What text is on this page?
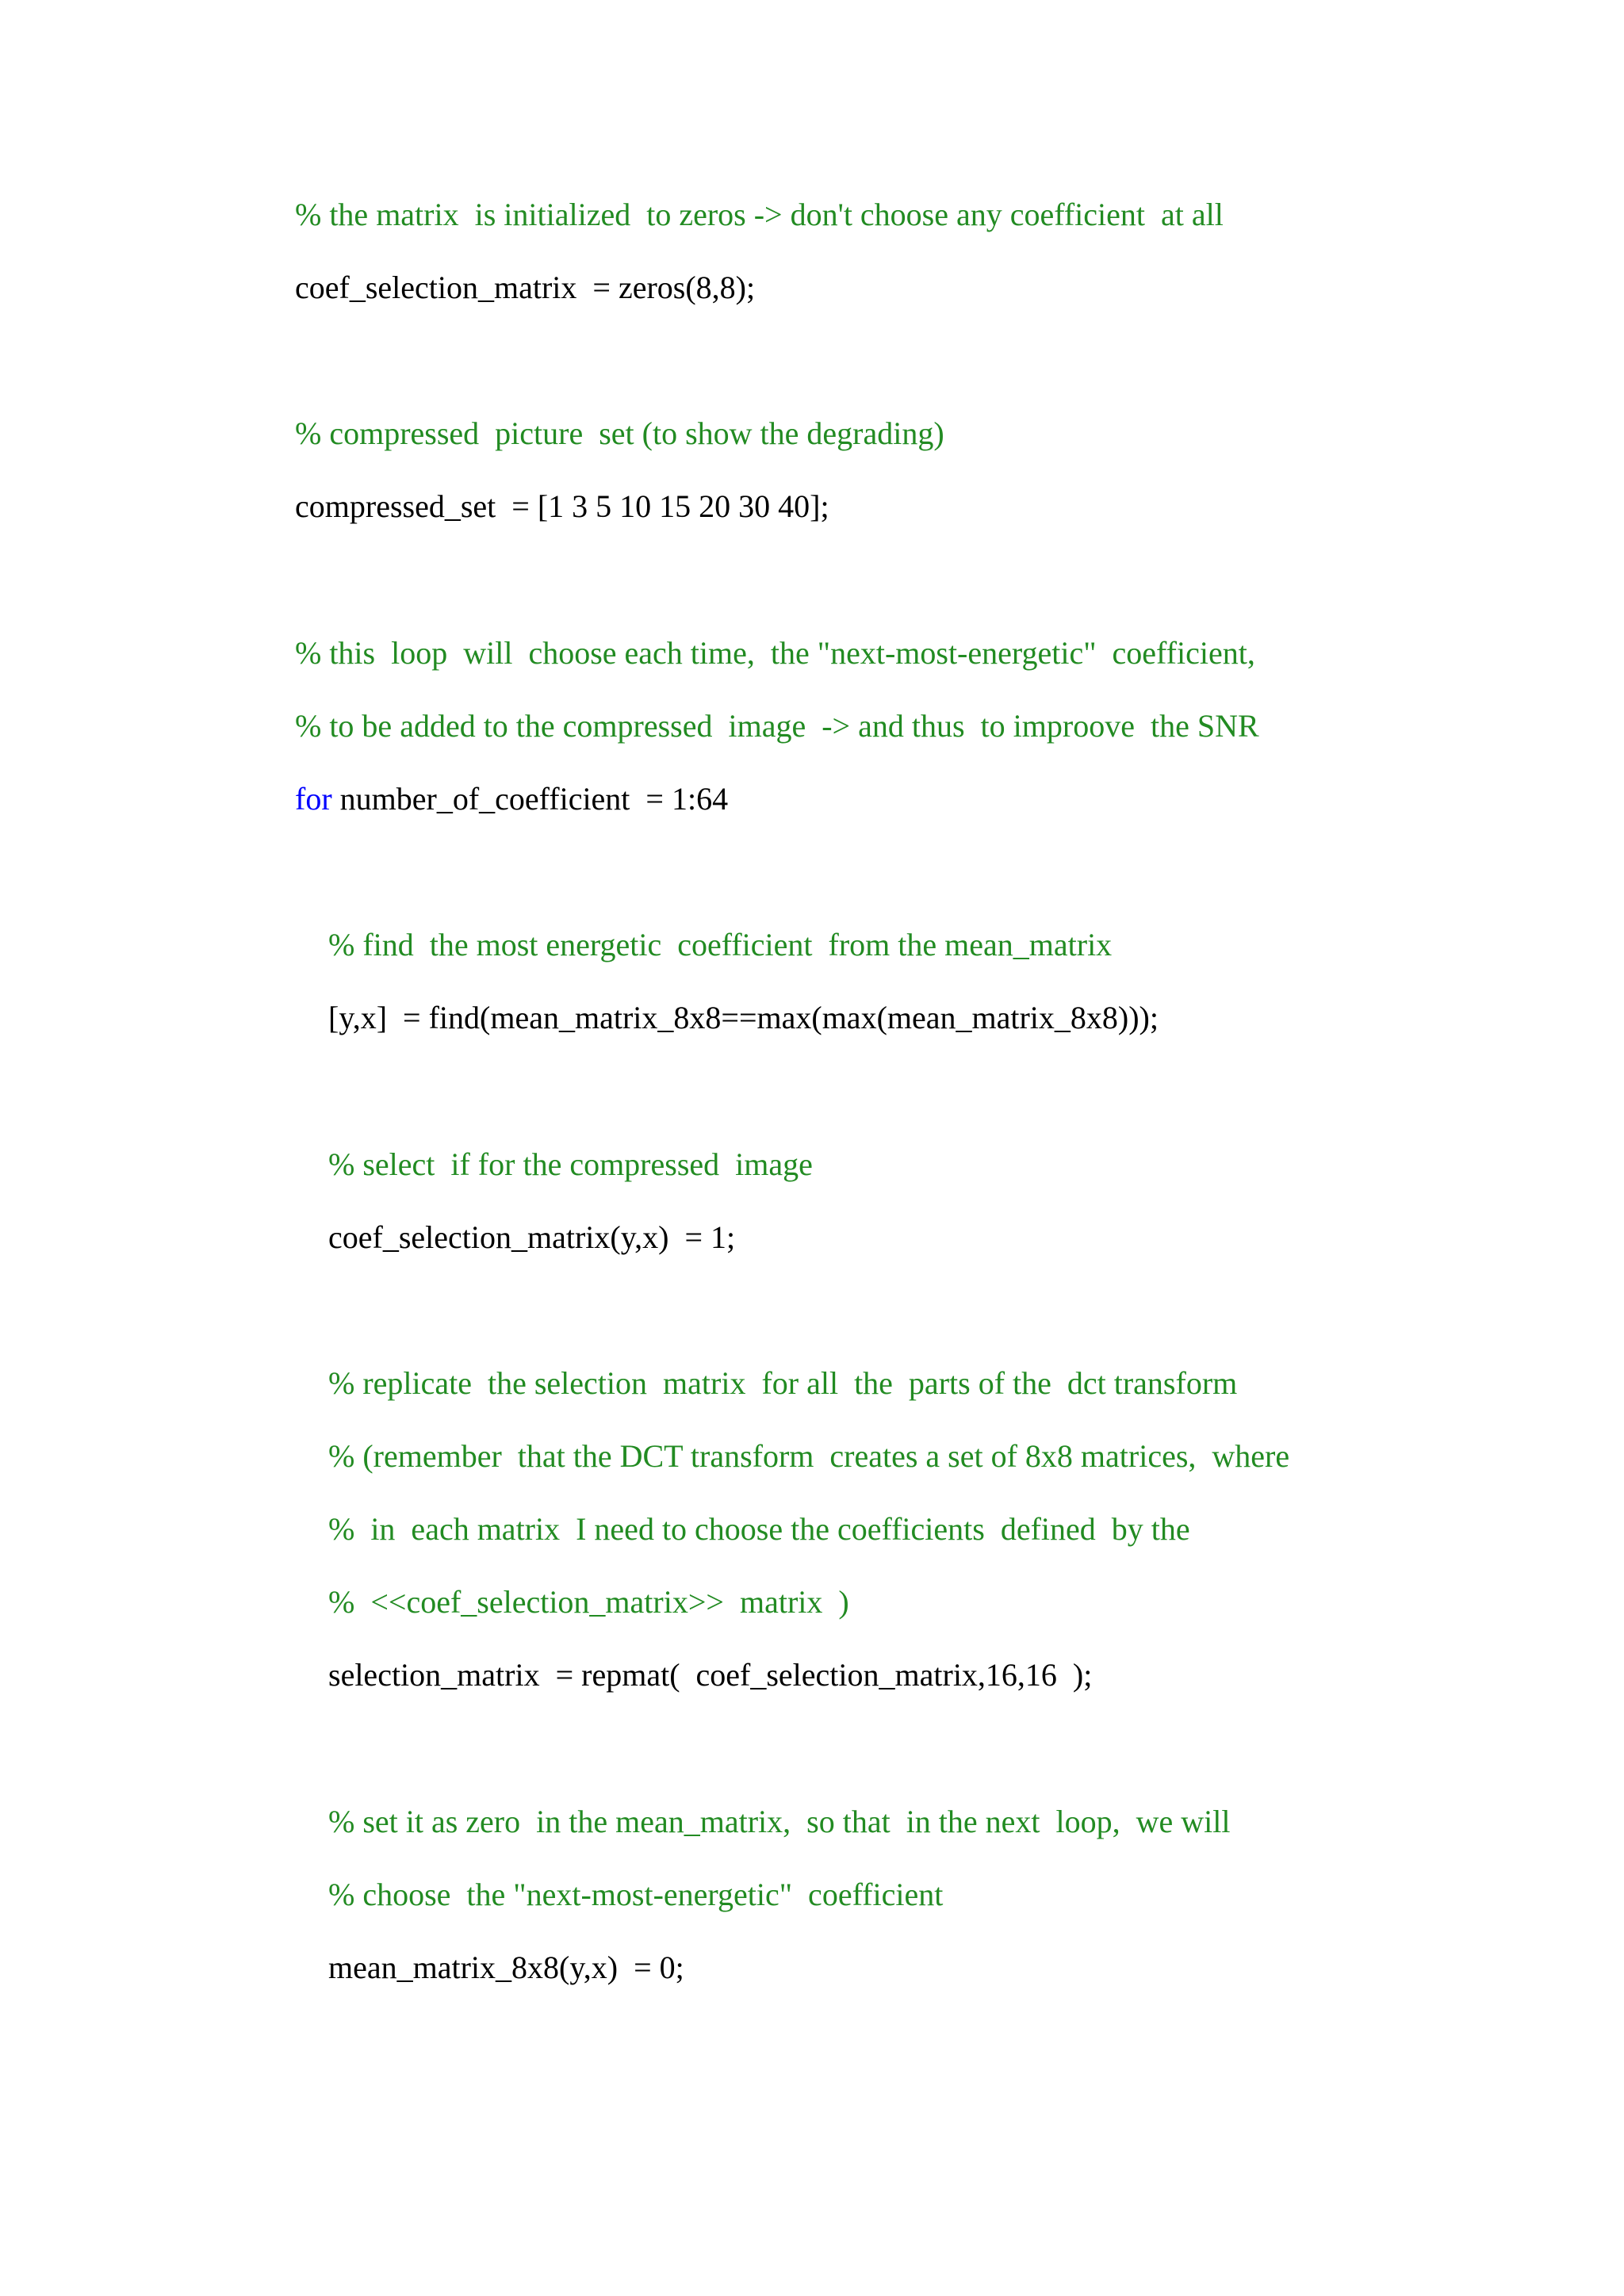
% the matrix  is initialized  to zeros -> don't choose any coefficient  at all
coef_selection_matrix  = zeros(8,8);
% compressed  picture  set (to show the degrading)
compressed_set  = [1 3 5 10 15 20 30 40];
% this  loop  will  choose each time,  the "next-most-energetic"  coefficient,
% to be added to the compressed  image  -> and thus  to improove  the SNR
for number_of_coefficient  = 1:64
% find  the most energetic  coefficient  from the mean_matrix
[y,x]  = find(mean_matrix_8x8==max(max(mean_matrix_8x8)));
% select  if for the compressed  image
coef_selection_matrix(y,x)  = 1;
% replicate  the selection  matrix  for all  the  parts of the  dct transform
% (remember  that the DCT transform  creates a set of 8x8 matrices,  where
%  in  each matrix  I need to choose the coefficients  defined  by the
%  <<coef_selection_matrix>>  matrix  )
selection_matrix  = repmat(  coef_selection_matrix,16,16  );
% set it as zero  in the mean_matrix,  so that  in the next  loop,  we will
% choose  the "next-most-energetic"  coefficient
mean_matrix_8x8(y,x)  = 0;
